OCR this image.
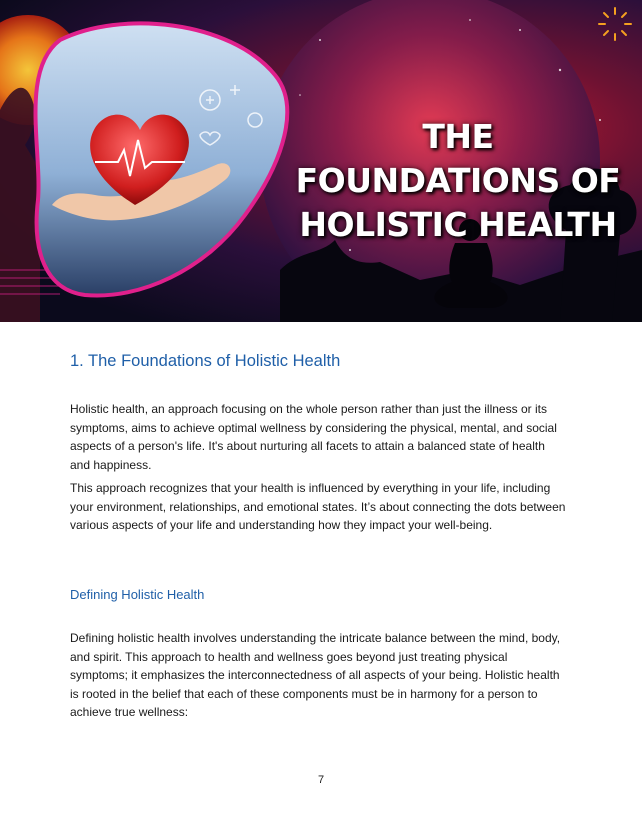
THE FOUNDATIONS OF
HOLISTIC HEALTH
1. The Foundations of Holistic Health

Holistic health, an approach focusing on the whole person rather than just the illness or its symptoms, aims to achieve optimal wellness by considering the physical, mental, and social aspects of a person's life. It's about nurturing all facets to attain a balanced state of health and happiness.

This approach recognizes that your health is influenced by everything in your life, including your environment, relationships, and emotional states. It’s about connecting the dots between various aspects of your life and understanding how they impact your well-being.

Defining Holistic Health

Defining holistic health involves understanding the intricate balance between the mind, body, and spirit. This approach to health and wellness goes beyond just treating physical symptoms; it emphasizes the interconnectedness of all aspects of your being. Holistic health is rooted in the belief that each of these components must be in harmony for a person to achieve true wellness:

7
